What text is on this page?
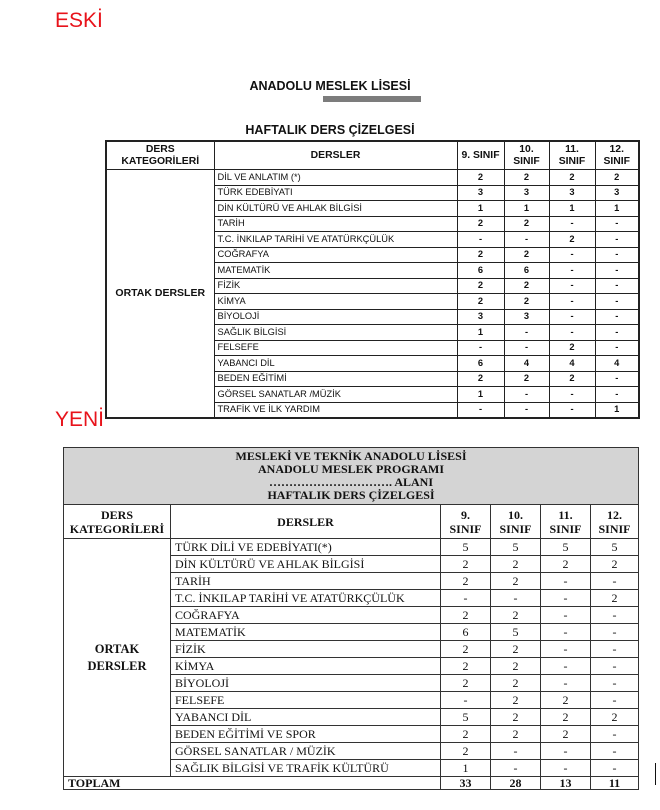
ESKİ
ANADOLU MESLEK LİSESİ
HAFTALIK DERS ÇİZELGESİ
DERS KATEGORİLERİ	DERSLER	9. SINIF	10. SINIF	11. SINIF	12. SINIF
ORTAK DERSLER	DİL VE ANLATIM (*)	2	2	2	2
	TÜRK EDEBİYATI	3	3	3	3
	DİN KÜLTÜRÜ VE AHLAK BİLGİSİ	1	1	1	1
	TARİH	2	2	-	-
	T.C. İNKILAP TARİHİ VE ATATÜRKÇÜLÜK	-	-	2	-
	COĞRAFYA	2	2	-	-
	MATEMATİK	6	6	-	-
	FİZİK	2	2	-	-
	KİMYA	2	2	-	-
	BİYOLOJİ	3	3	-	-
	SAĞLIK BİLGİSİ	1	-	-	-
	FELSEFE	-	-	2	-
	YABANCI DİL	6	4	4	4
	BEDEN EĞİTİMİ	2	2	2	-
	GÖRSEL SANATLAR /MÜZİK	1	-	-	-
	TRAFİK VE İLK YARDIM	-	-	-	1
YENİ
MESLEKİ VE TEKNİK ANADOLU LİSESİ
ANADOLU MESLEK PROGRAMI
…………………………. ALANI
HAFTALIK DERS ÇİZELGESİ					

DERS KATEGORİLERİ	DERSLER	9. SINIF	10. SINIF	11. SINIF	12. SINIF
ORTAK DERSLER	TÜRK DİLİ VE EDEBİYATI(*)	5	5	5	5
	DİN KÜLTÜRÜ VE AHLAK BİLGİSİ	2	2	2	2
	TARİH	2	2	-	-
	T.C. İNKILAP TARİHİ VE ATATÜRKÇÜLÜK	-	-	-	2
	COĞRAFYA	2	2	-	-
	MATEMATİK	6	5	-	-
	FİZİK	2	2	-	-
	KİMYA	2	2	-	-
	BİYOLOJİ	2	2	-	-
	FELSEFE	-	2	2	-
	YABANCI DİL	5	2	2	2
	BEDEN EĞİTİMİ VE SPOR	2	2	2	-
	GÖRSEL SANATLAR / MÜZİK	2	-	-	-
	SAĞLIK BİLGİSİ VE TRAFİK KÜLTÜRÜ	1	-	-	-
TOPLAM		33	28	13	11
